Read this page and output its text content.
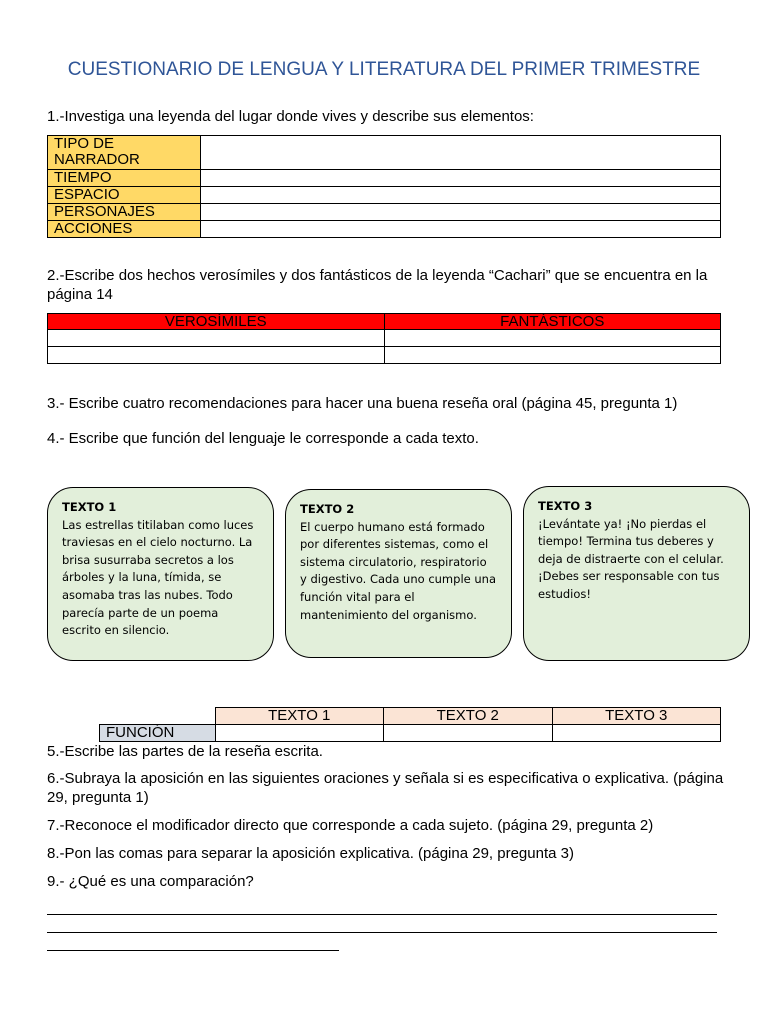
CUESTIONARIO DE LENGUA Y LITERATURA DEL PRIMER TRIMESTRE
1.-Investiga una leyenda del lugar donde vives y describe sus elementos:
TIPO DE NARRADOR	
TIEMPO	
ESPACIO	
PERSONAJES	
ACCIONES	
2.-Escribe dos hechos verosímiles y dos fantásticos de la leyenda “Cachari” que se encuentra en la página 14
VEROSÍMILES	FANTÁSTICOS

3.- Escribe cuatro recomendaciones para hacer una buena reseña oral (página 45, pregunta 1)
4.- Escribe que función del lenguaje le corresponde a cada texto.
TEXTO 1
Las estrellas titilaban como luces traviesas en el cielo nocturno. La brisa susurraba secretos a los árboles y la luna, tímida, se asomaba tras las nubes. Todo parecía parte de un poema escrito en silencio.
TEXTO 2
El cuerpo humano está formado por diferentes sistemas, como el sistema circulatorio, respiratorio y digestivo. Cada uno cumple una función vital para el mantenimiento del organismo.
TEXTO 3
¡Levántate ya! ¡No pierdas el tiempo! Termina tus deberes y deja de distraerte con el celular. ¡Debes ser responsable con tus estudios!
	TEXTO 1	TEXTO 2	TEXTO 3
FUNCIÓN			
5.-Escribe las partes de la reseña escrita.
6.-Subraya la aposición en las siguientes oraciones y señala si es especificativa o explicativa. (página 29, pregunta 1)
7.-Reconoce el modificador directo que corresponde a cada sujeto. (página 29, pregunta 2)
8.-Pon las comas para separar la aposición explicativa. (página 29, pregunta 3)
9.- ¿Qué es una comparación?
